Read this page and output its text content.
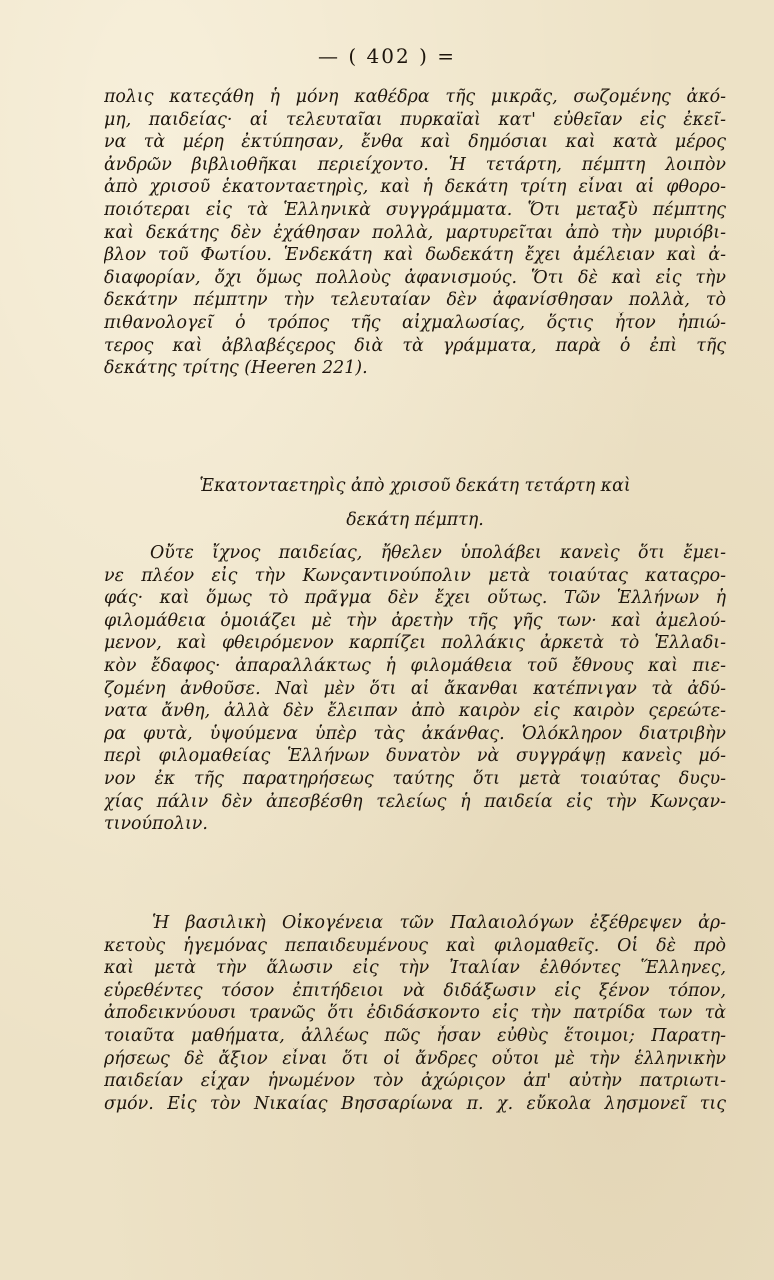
— ( 402 ) =
πολις κατεςάθη ἡ μόνη καθέδρα τῆς μικρᾶς, σωζομένης ἀκό-
μη, παιδείας· αἱ τελευταῖαι πυρκαϊαὶ κατ' εὐθεῖαν εἰς ἐκεῖ-
να τὰ μέρη ἐκτύπησαν, ἔνθα καὶ δημόσιαι καὶ κατὰ μέρος
ἀνδρῶν βιβλιοθῆκαι περιείχοντο. Ἡ τετάρτη, πέμπτη λοιπὸν
ἀπὸ χρισοῦ ἑκατονταετηρὶς, καὶ ἡ δεκάτη τρίτη εἶναι αἱ φθορο-
ποιότεραι εἰς τὰ Ἑλληνικὰ συγγράμματα. Ὅτι μεταξὺ πέμπτης
καὶ δεκάτης δὲν ἐχάθησαν πολλὰ, μαρτυρεῖται ἀπὸ τὴν μυριόβι-
βλον τοῦ Φωτίου. Ἑνδεκάτη καὶ δωδεκάτη ἔχει ἀμέλειαν καὶ ἀ-
διαφορίαν, ὄχι ὅμως πολλοὺς ἀφανισμούς. Ὅτι δὲ καὶ εἰς τὴν
δεκάτην πέμπτην τὴν τελευταίαν δὲν ἀφανίσθησαν πολλὰ, τὸ
πιθανολογεῖ ὁ τρόπος τῆς αἰχμαλωσίας, ὅςτις ἦτον ἠπιώ-
τερος καὶ ἀβλαβέςερος διὰ τὰ γράμματα, παρὰ ὁ ἐπὶ τῆς
δεκάτης τρίτης (Heeren 221).
Ἑκατονταετηρὶς ἀπὸ χρισοῦ δεκάτη τετάρτη καὶ
δεκάτη πέμπτη.
Οὔτε ἴχνος παιδείας, ἤθελεν ὑπολάβει κανεὶς ὅτι ἔμει-
νε πλέον εἰς τὴν Κωνςαντινούπολιν μετὰ τοιαύτας καταςρο-
φάς· καὶ ὅμως τὸ πρᾶγμα δὲν ἔχει οὕτως. Τῶν Ἑλλήνων ἡ
φιλομάθεια ὁμοιάζει μὲ τὴν ἀρετὴν τῆς γῆς των· καὶ ἀμελού-
μενον, καὶ φθειρόμενον καρπίζει πολλάκις ἀρκετὰ τὸ Ἑλλαδι-
κὸν ἔδαφος· ἀπαραλλάκτως ἡ φιλομάθεια τοῦ ἔθνους καὶ πιε-
ζομένη ἀνθοῦσε. Ναὶ μὲν ὅτι αἱ ἄκανθαι κατέπνιγαν τὰ ἀδύ-
νατα ἄνθη, ἀλλὰ δὲν ἔλειπαν ἀπὸ καιρὸν εἰς καιρὸν ςερεώτε-
ρα φυτὰ, ὑψούμενα ὑπὲρ τὰς ἀκάνθας. Ὁλόκληρον διατριβὴν
περὶ φιλομαθείας Ἑλλήνων δυνατὸν νὰ συγγράψῃ κανεὶς μό-
νον ἐκ τῆς παρατηρήσεως ταύτης ὅτι μετὰ τοιαύτας δυςυ-
χίας πάλιν δὲν ἀπεσβέσθη τελείως ἡ παιδεία εἰς τὴν Κωνςαν-
τινούπολιν.
Ἡ βασιλικὴ Οἰκογένεια τῶν Παλαιολόγων ἐξέθρεψεν ἀρ-
κετοὺς ἡγεμόνας πεπαιδευμένους καὶ φιλομαθεῖς. Οἱ δὲ πρὸ
καὶ μετὰ τὴν ἅλωσιν εἰς τὴν Ἰταλίαν ἐλθόντες Ἕλληνες,
εὑρεθέντες τόσον ἐπιτήδειοι νὰ διδάξωσιν εἰς ξένον τόπον,
ἀποδεικνύουσι τρανῶς ὅτι ἐδιδάσκοντο εἰς τὴν πατρίδα των τὰ
τοιαῦτα μαθήματα, ἀλλέως πῶς ἦσαν εὐθὺς ἕτοιμοι; Παρατη-
ρήσεως δὲ ἄξιον εἶναι ὅτι οἱ ἄνδρες οὗτοι μὲ τὴν ἑλληνικὴν
παιδείαν εἶχαν ἡνωμένον τὸν ἀχώριςον ἀπ' αὐτὴν πατριωτι-
σμόν. Εἰς τὸν Νικαίας Βησσαρίωνα π. χ. εὔκολα λησμονεῖ τις
